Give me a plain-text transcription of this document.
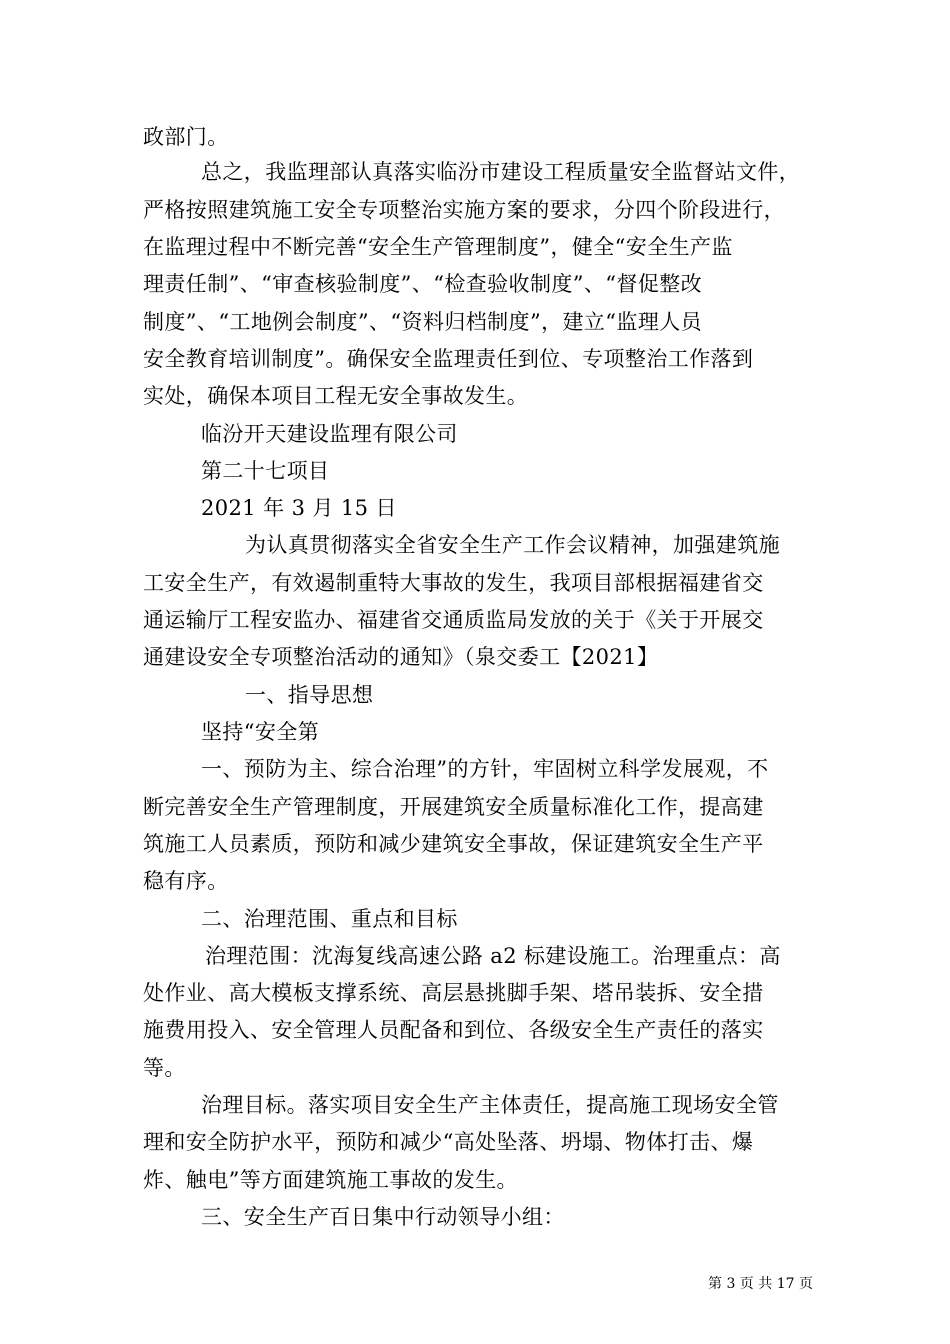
政部门。
总之，我监理部认真落实临汾市建设工程质量安全监督站文件，
严格按照建筑施工安全专项整治实施方案的要求，分四个阶段进行，
在监理过程中不断完善“安全生产管理制度”，健全“安全生产监
理责任制”、“审查核验制度”、“检查验收制度”、“督促整改
制度”、“工地例会制度”、“资料归档制度”，建立“监理人员
安全教育培训制度”。确保安全监理责任到位、专项整治工作落到
实处，确保本项目工程无安全事故发生。
临汾开天建设监理有限公司
第二十七项目
2021 年 3 月 15 日
为认真贯彻落实全省安全生产工作会议精神，加强建筑施
工安全生产，有效遏制重特大事故的发生，我项目部根据福建省交
通运输厅工程安监办、福建省交通质监局发放的关于《关于开展交
通建设安全专项整治活动的通知》（泉交委工【2021】
一、指导思想
坚持“安全第
一、预防为主、综合治理”的方针，牢固树立科学发展观，不
断完善安全生产管理制度，开展建筑安全质量标准化工作，提高建
筑施工人员素质，预防和减少建筑安全事故，保证建筑安全生产平
稳有序。
二、治理范围、重点和目标
治理范围：沈海复线高速公路 a2 标建设施工。治理重点：高
处作业、高大模板支撑系统、高层悬挑脚手架、塔吊装拆、安全措
施费用投入、安全管理人员配备和到位、各级安全生产责任的落实
等。
治理目标。落实项目安全生产主体责任，提高施工现场安全管
理和安全防护水平，预防和减少“高处坠落、坍塌、物体打击、爆
炸、触电”等方面建筑施工事故的发生。
三、安全生产百日集中行动领导小组：
第 3 页 共 17 页
